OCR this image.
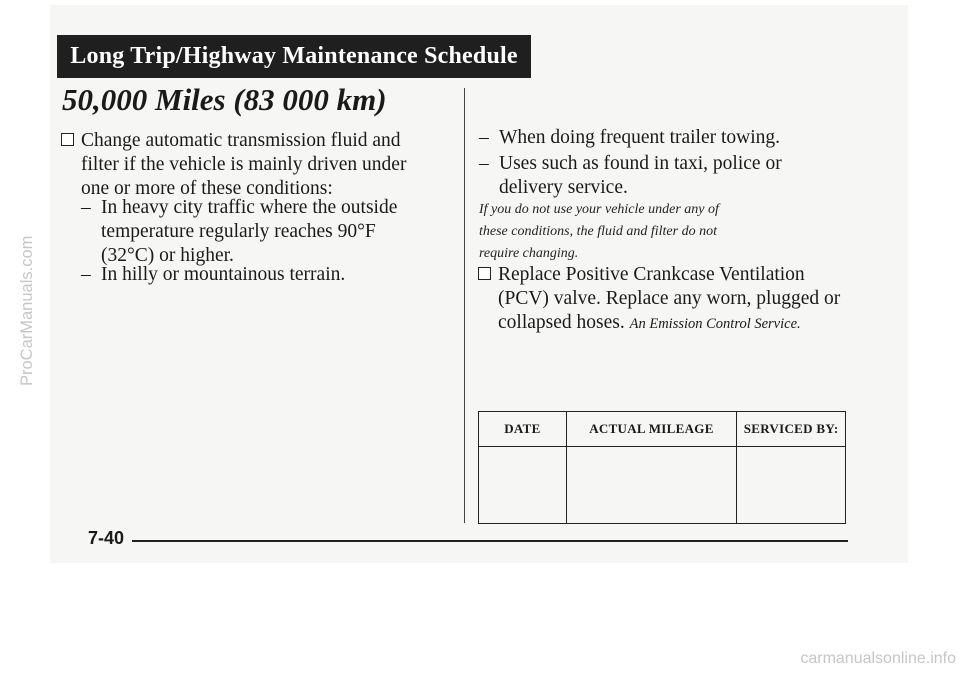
Long Trip/Highway Maintenance Schedule
50,000 Miles (83 000 km)
Change automatic transmission fluid and
filter if the vehicle is mainly driven under
one or more of these conditions:
– In heavy city traffic where the outside
temperature regularly reaches 90°F
(32°C) or higher.
– In hilly or mountainous terrain.
– When doing frequent trailer towing.
– Uses such as found in taxi, police or
delivery service.
If you do not use your vehicle under any of
these conditions, the fluid and filter do not
require changing.
Replace Positive Crankcase Ventilation
(PCV) valve. Replace any worn, plugged or
collapsed hoses. An Emission Control Service.
DATE	ACTUAL MILEAGE	SERVICED BY:

7-40
ProCarManuals.com
carmanualsonline.info
